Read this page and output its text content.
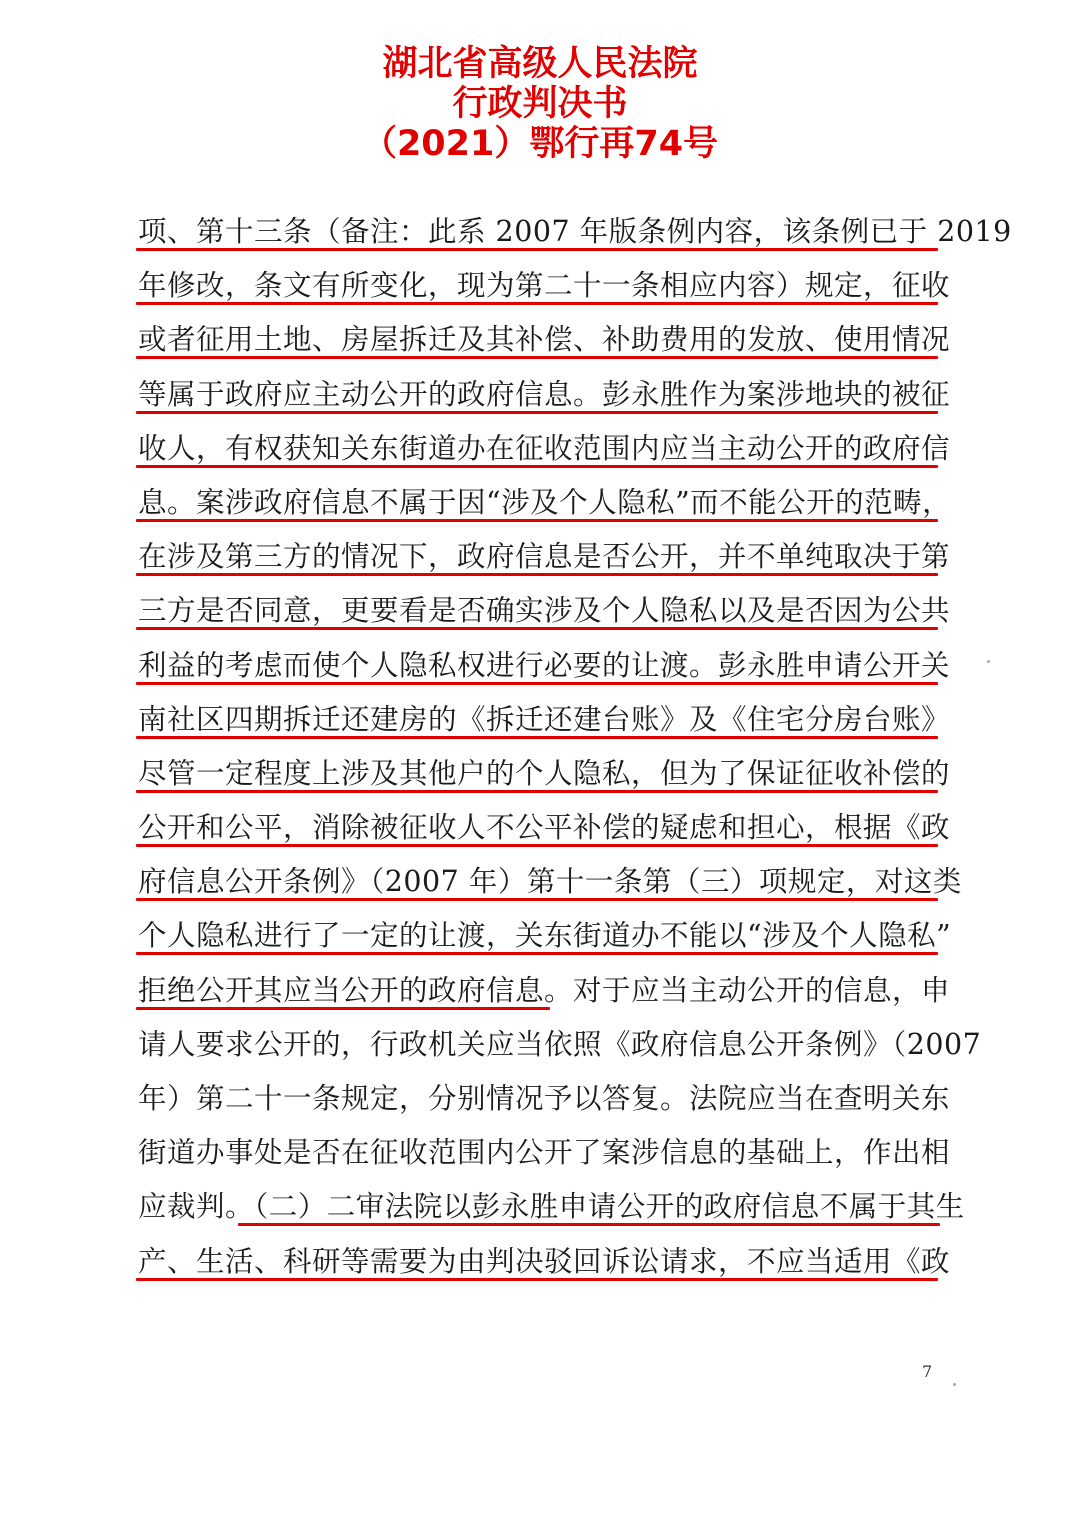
湖北省高级人民法院
行政判决书
（2021）鄂行再74号
项、第十三条（备注：此系 2007 年版条例内容，该条例已于 2019
年修改，条文有所变化，现为第二十一条相应内容）规定，征收
或者征用土地、房屋拆迁及其补偿、补助费用的发放、使用情况
等属于政府应主动公开的政府信息。彭永胜作为案涉地块的被征
收人，有权获知关东街道办在征收范围内应当主动公开的政府信
息。案涉政府信息不属于因“涉及个人隐私”而不能公开的范畴，
在涉及第三方的情况下，政府信息是否公开，并不单纯取决于第
三方是否同意，更要看是否确实涉及个人隐私以及是否因为公共
利益的考虑而使个人隐私权进行必要的让渡。彭永胜申请公开关
南社区四期拆迁还建房的《拆迁还建台账》及《住宅分房台账》
尽管一定程度上涉及其他户的个人隐私，但为了保证征收补偿的
公开和公平，消除被征收人不公平补偿的疑虑和担心，根据《政
府信息公开条例》（2007 年）第十一条第（三）项规定，对这类
个人隐私进行了一定的让渡，关东街道办不能以“涉及个人隐私”
拒绝公开其应当公开的政府信息。对于应当主动公开的信息，申
请人要求公开的，行政机关应当依照《政府信息公开条例》（2007
年）第二十一条规定，分别情况予以答复。法院应当在查明关东
街道办事处是否在征收范围内公开了案涉信息的基础上，作出相
应裁判。（二）二审法院以彭永胜申请公开的政府信息不属于其生
产、生活、科研等需要为由判决驳回诉讼请求，不应当适用《政
7
